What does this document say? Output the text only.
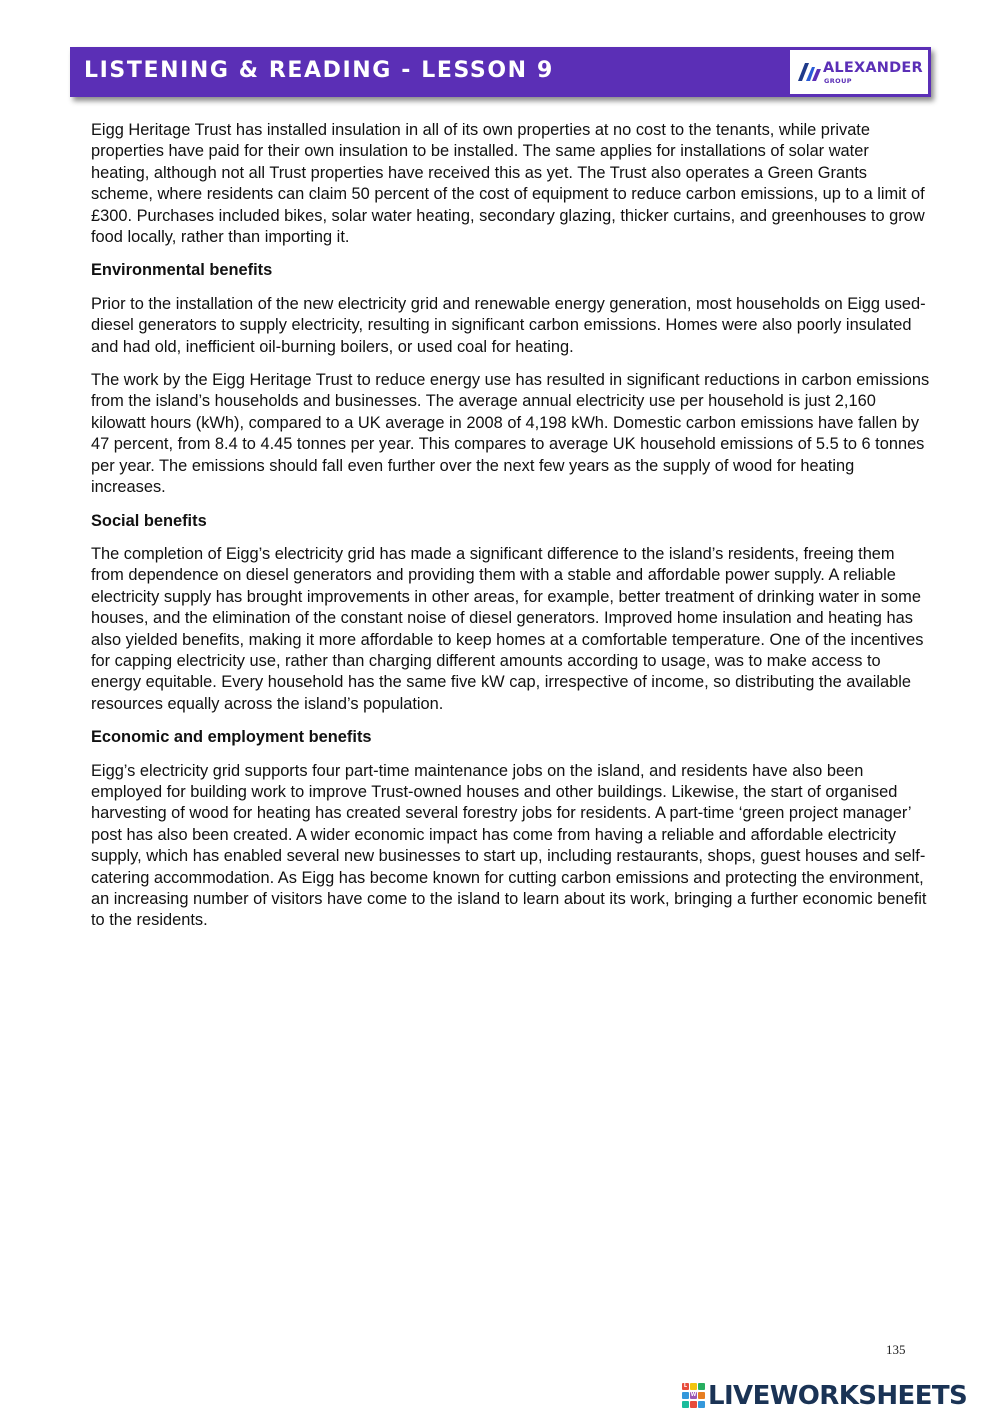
LISTENING & READING - LESSON 9	ALEXANDER
GROUP

Eigg Heritage Trust has installed insulation in all of its own properties at no cost to the tenants, while private properties have paid for their own insulation to be installed. The same applies for installations of solar water heating, although not all Trust properties have received this as yet. The Trust also operates a Green Grants scheme, where residents can claim 50 percent of the cost of equipment to reduce carbon emissions, up to a limit of £300. Purchases included bikes, solar water heating, secondary glazing, thicker curtains, and greenhouses to grow food locally, rather than importing it.

Environmental benefits

Prior to the installation of the new electricity grid and renewable energy generation, most households on Eigg used-diesel generators to supply electricity, resulting in significant carbon emissions. Homes were also poorly insulated and had old, inefficient oil-burning boilers, or used coal for heating.

The work by the Eigg Heritage Trust to reduce energy use has resulted in significant reductions in carbon emissions from the island’s households and businesses. The average annual electricity use per household is just 2,160 kilowatt hours (kWh), compared to a UK average in 2008 of 4,198 kWh. Domestic carbon emissions have fallen by 47 percent, from 8.4 to 4.45 tonnes per year. This compares to average UK household emissions of 5.5 to 6 tonnes per year. The emissions should fall even further over the next few years as the supply of wood for heating increases.

Social benefits

The completion of Eigg’s electricity grid has made a significant difference to the island’s residents, freeing them from dependence on diesel generators and providing them with a stable and affordable power supply. A reliable electricity supply has brought improvements in other areas, for example, better treatment of drinking water in some houses, and the elimination of the constant noise of diesel generators. Improved home insulation and heating has also yielded benefits, making it more affordable to keep homes at a comfortable temperature. One of the incentives for capping electricity use, rather than charging different amounts according to usage, was to make access to energy equitable. Every household has the same five kW cap, irrespective of income, so distributing the available resources equally across the island’s population.

Economic and employment benefits

Eigg’s electricity grid supports four part-time maintenance jobs on the island, and residents have also been employed for building work to improve Trust-owned houses and other buildings. Likewise, the start of organised harvesting of wood for heating has created several forestry jobs for residents. A part-time ‘green project manager’ post has also been created. A wider economic impact has come from having a reliable and affordable electricity supply, which has enabled several new businesses to start up, including restaurants, shops, guest houses and self-catering accommodation. As Eigg has become known for cutting carbon emissions and protecting the environment, an increasing number of visitors have come to the island to learn about its work, bringing a further economic benefit to the residents.

135
L
W LIVEWORKSHEETS
